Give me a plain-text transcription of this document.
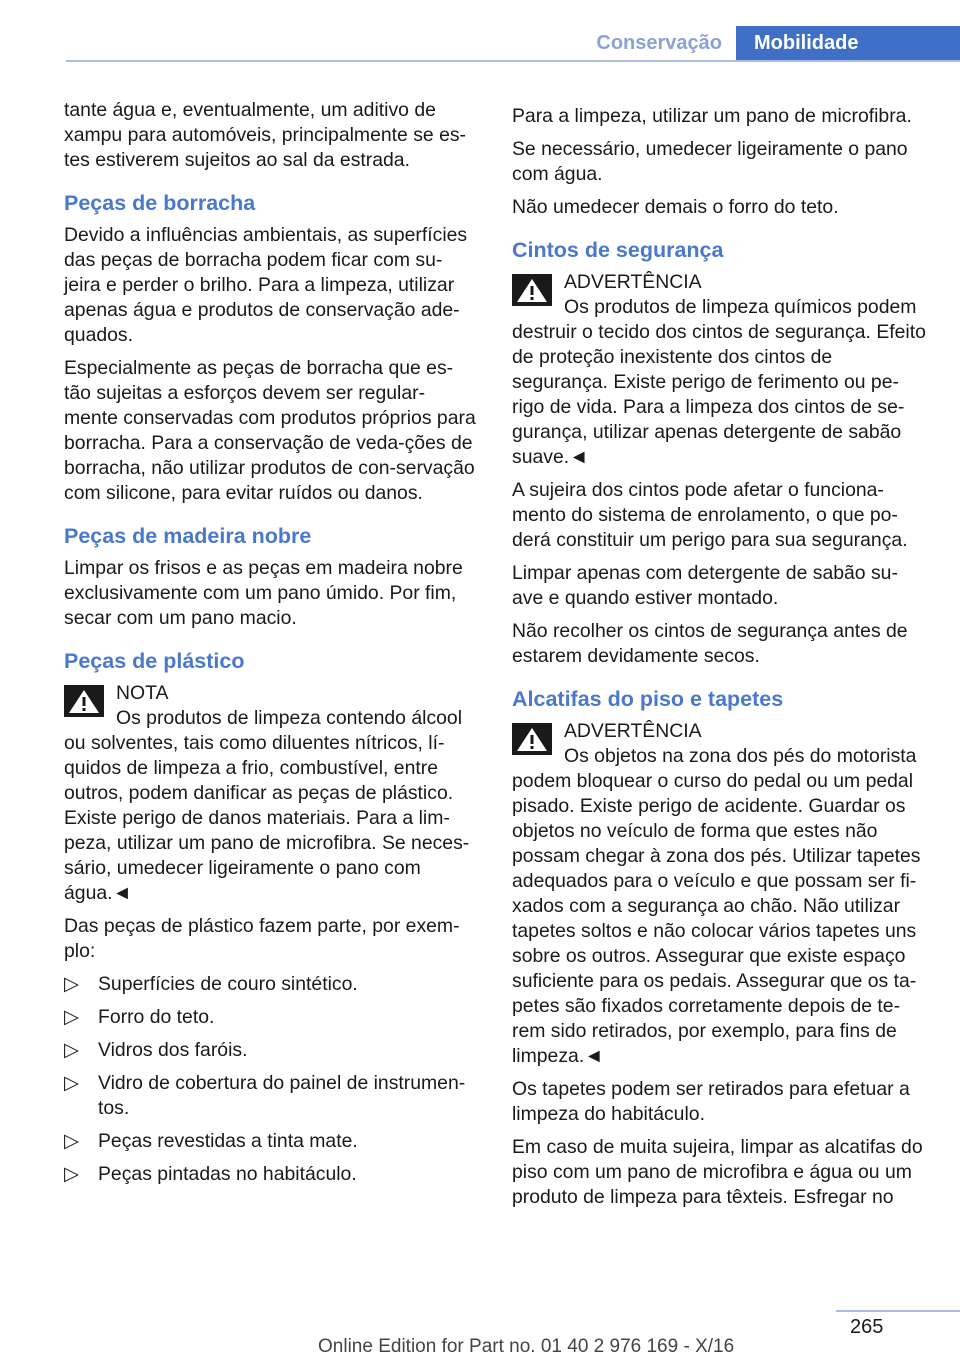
Conservação	Mobilidade

tante água e, eventualmente, um aditivo de xampu para automóveis, principalmente se es‐tes estiverem sujeitos ao sal da estrada.

Peças de borracha

Devido a influências ambientais, as superfícies das peças de borracha podem ficar com su‐jeira e perder o brilho. Para a limpeza, utilizar apenas água e produtos de conservação ade‐quados.

Especialmente as peças de borracha que es‐tão sujeitas a esforços devem ser regular‐mente conservadas com produtos próprios para borracha. Para a conservação de veda‐ções de borracha, não utilizar produtos de con‐servação com silicone, para evitar ruídos ou danos.

Peças de madeira nobre

Limpar os frisos e as peças em madeira nobre exclusivamente com um pano úmido. Por fim, secar com um pano macio.

Peças de plástico
NOTA
Os produtos de limpeza contendo álcool ou solventes, tais como diluentes nítricos, lí‐quidos de limpeza a frio, combustível, entre outros, podem danificar as peças de plástico. Existe perigo de danos materiais. Para a lim‐peza, utilizar um pano de microfibra. Se neces‐sário, umedecer ligeiramente o pano com água.◄

Das peças de plástico fazem parte, por exem‐plo:

▷ Superfícies de couro sintético.
▷ Forro do teto.
▷ Vidros dos faróis.
▷ Vidro de cobertura do painel de instrumen‐tos.
▷ Peças revestidas a tinta mate.
▷ Peças pintadas no habitáculo.

Para a limpeza, utilizar um pano de microfibra.

Se necessário, umedecer ligeiramente o pano com água.

Não umedecer demais o forro do teto.

Cintos de segurança
ADVERTÊNCIA
Os produtos de limpeza químicos podem destruir o tecido dos cintos de segurança. Efeito de proteção inexistente dos cintos de segurança. Existe perigo de ferimento ou pe‐rigo de vida. Para a limpeza dos cintos de se‐gurança, utilizar apenas detergente de sabão suave.◄

A sujeira dos cintos pode afetar o funciona‐mento do sistema de enrolamento, o que po‐derá constituir um perigo para sua segurança.

Limpar apenas com detergente de sabão su‐ave e quando estiver montado.

Não recolher os cintos de segurança antes de estarem devidamente secos.

Alcatifas do piso e tapetes
ADVERTÊNCIA
Os objetos na zona dos pés do motorista podem bloquear o curso do pedal ou um pedal pisado. Existe perigo de acidente. Guardar os objetos no veículo de forma que estes não possam chegar à zona dos pés. Utilizar tapetes adequados para o veículo e que possam ser fi‐xados com a segurança ao chão. Não utilizar tapetes soltos e não colocar vários tapetes uns sobre os outros. Assegurar que existe espaço suficiente para os pedais. Assegurar que os ta‐petes são fixados corretamente depois de te‐rem sido retirados, por exemplo, para fins de limpeza.◄

Os tapetes podem ser retirados para efetuar a limpeza do habitáculo.

Em caso de muita sujeira, limpar as alcatifas do piso com um pano de microfibra e água ou um produto de limpeza para têxteis. Esfregar no

265
Online Edition for Part no. 01 40 2 976 169 - X/16
